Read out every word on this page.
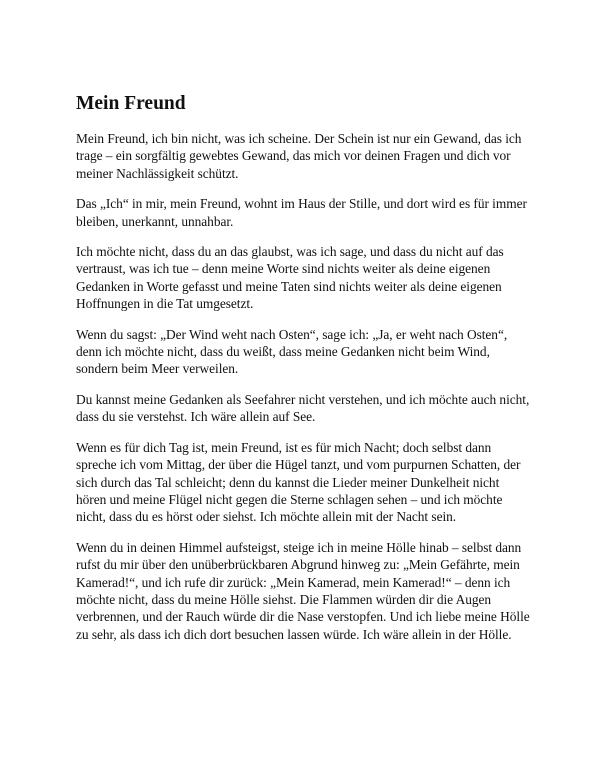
Mein Freund

Mein Freund, ich bin nicht, was ich scheine. Der Schein ist nur ein Gewand, das ich trage – ein sorgfältig gewebtes Gewand, das mich vor deinen Fragen und dich vor meiner Nachlässigkeit schützt.

Das „Ich“ in mir, mein Freund, wohnt im Haus der Stille, und dort wird es für immer bleiben, unerkannt, unnahbar.

Ich möchte nicht, dass du an das glaubst, was ich sage, und dass du nicht auf das vertraust, was ich tue – denn meine Worte sind nichts weiter als deine eigenen Gedanken in Worte gefasst und meine Taten sind nichts weiter als deine eigenen Hoffnungen in die Tat umgesetzt.

Wenn du sagst: „Der Wind weht nach Osten“, sage ich: „Ja, er weht nach Osten“, denn ich möchte nicht, dass du weißt, dass meine Gedanken nicht beim Wind, sondern beim Meer verweilen.

Du kannst meine Gedanken als Seefahrer nicht verstehen, und ich möchte auch nicht, dass du sie verstehst. Ich wäre allein auf See.

Wenn es für dich Tag ist, mein Freund, ist es für mich Nacht; doch selbst dann spreche ich vom Mittag, der über die Hügel tanzt, und vom purpurnen Schatten, der sich durch das Tal schleicht; denn du kannst die Lieder meiner Dunkelheit nicht hören und meine Flügel nicht gegen die Sterne schlagen sehen – und ich möchte nicht, dass du es hörst oder siehst. Ich möchte allein mit der Nacht sein.

Wenn du in deinen Himmel aufsteigst, steige ich in meine Hölle hinab – selbst dann rufst du mir über den unüberbrückbaren Abgrund hinweg zu: „Mein Gefährte, mein Kamerad!“, und ich rufe dir zurück: „Mein Kamerad, mein Kamerad!“ – denn ich möchte nicht, dass du meine Hölle siehst. Die Flammen würden dir die Augen verbrennen, und der Rauch würde dir die Nase verstopfen. Und ich liebe meine Hölle zu sehr, als dass ich dich dort besuchen lassen würde. Ich wäre allein in der Hölle.
